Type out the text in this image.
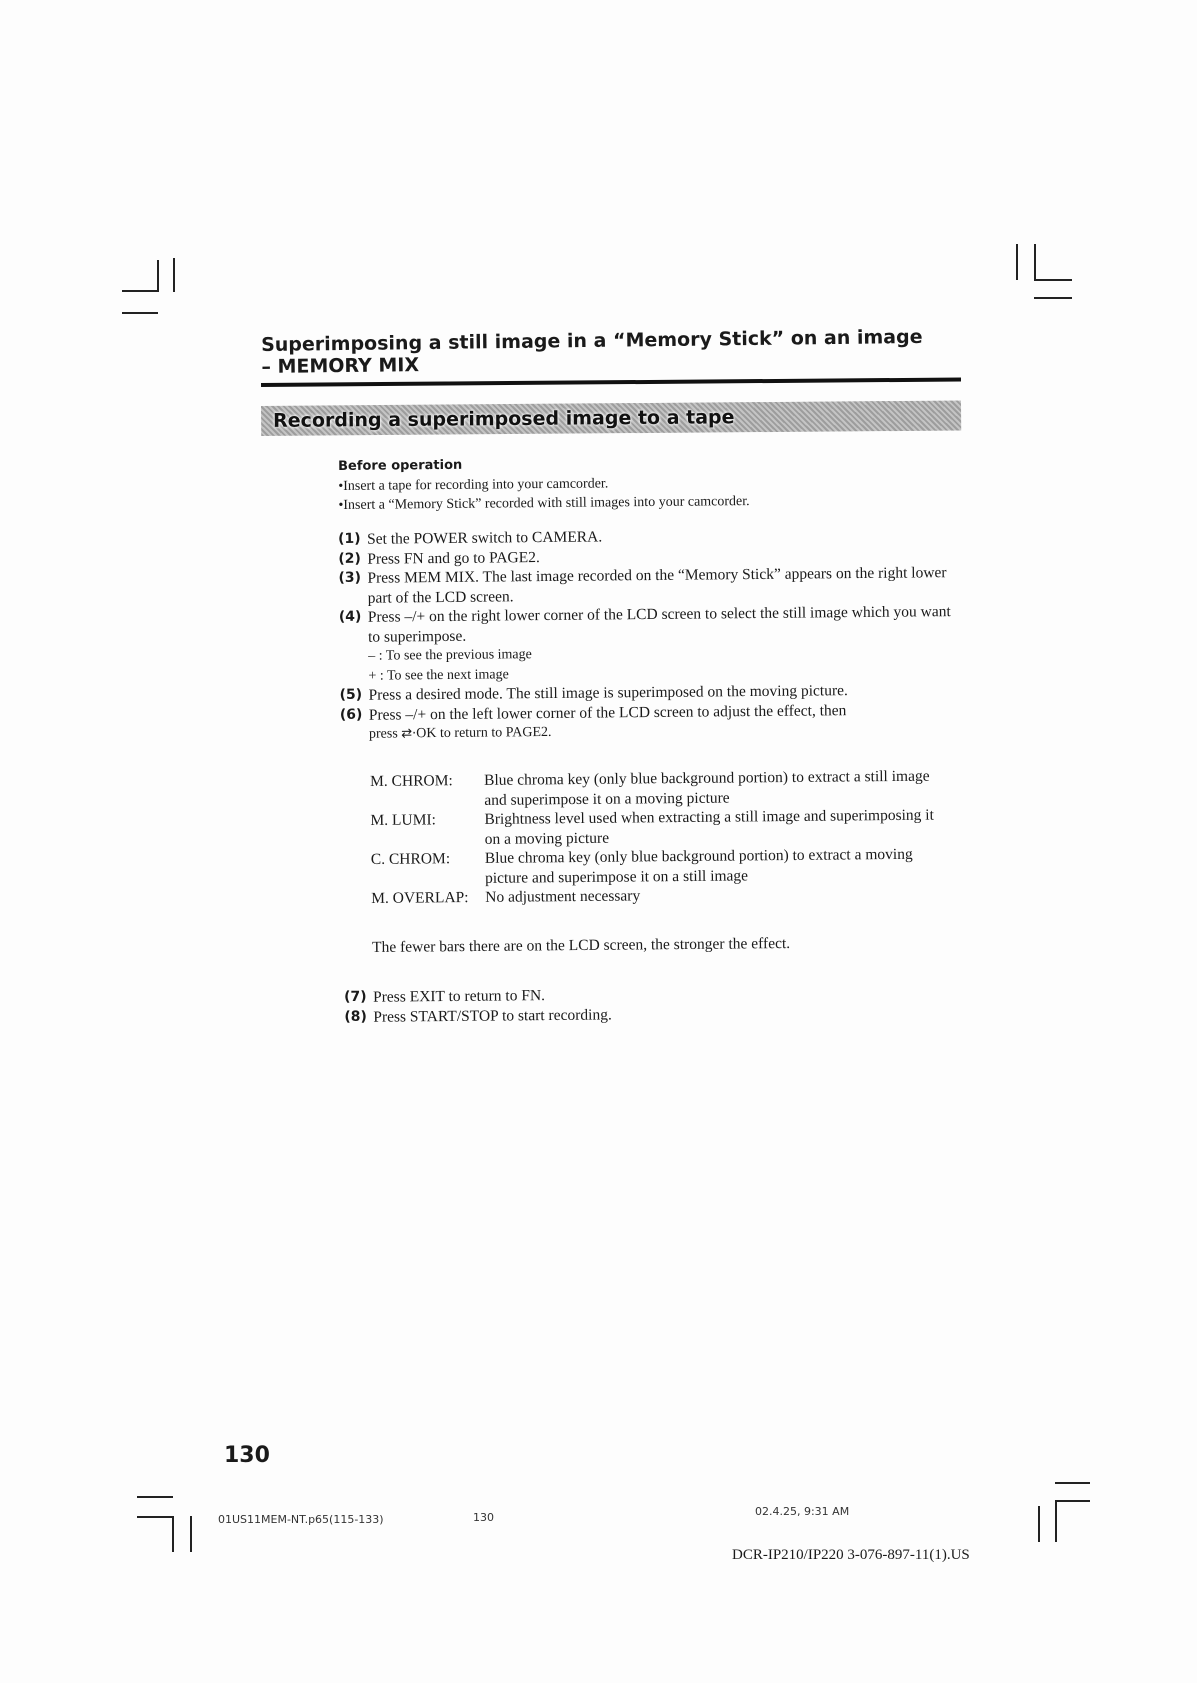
Superimposing a still image in a “Memory Stick” on an image
– MEMORY MIX
Recording a superimposed image to a tape
Before operation
•Insert a tape for recording into your camcorder.
•Insert a “Memory Stick” recorded with still images into your camcorder.
(1) Set the POWER switch to CAMERA.
(2) Press FN and go to PAGE2.
(3) Press MEM MIX. The last image recorded on the “Memory Stick” appears on the right lower part of the LCD screen.
(4) Press –/+ on the right lower corner of the LCD screen to select the still image which you want to superimpose.
– : To see the previous image
+ : To see the next image
(5) Press a desired mode. The still image is superimposed on the moving picture.
(6) Press –/+ on the left lower corner of the LCD screen to adjust the effect, then
press ⇄·OK to return to PAGE2.
M. CHROM:	Blue chroma key (only blue background portion) to extract a still image and superimpose it on a moving picture
M. LUMI:	Brightness level used when extracting a still image and superimposing it on a moving picture
C. CHROM:	Blue chroma key (only blue background portion) to extract a moving picture and superimpose it on a still image
M. OVERLAP:	No adjustment necessary
The fewer bars there are on the LCD screen, the stronger the effect.
(7) Press EXIT to return to FN.
(8) Press START/STOP to start recording.
130
01US11MEM-NT.p65(115-133)	130	02.4.25, 9:31 AM
DCR-IP210/IP220 3-076-897-11(1).US
